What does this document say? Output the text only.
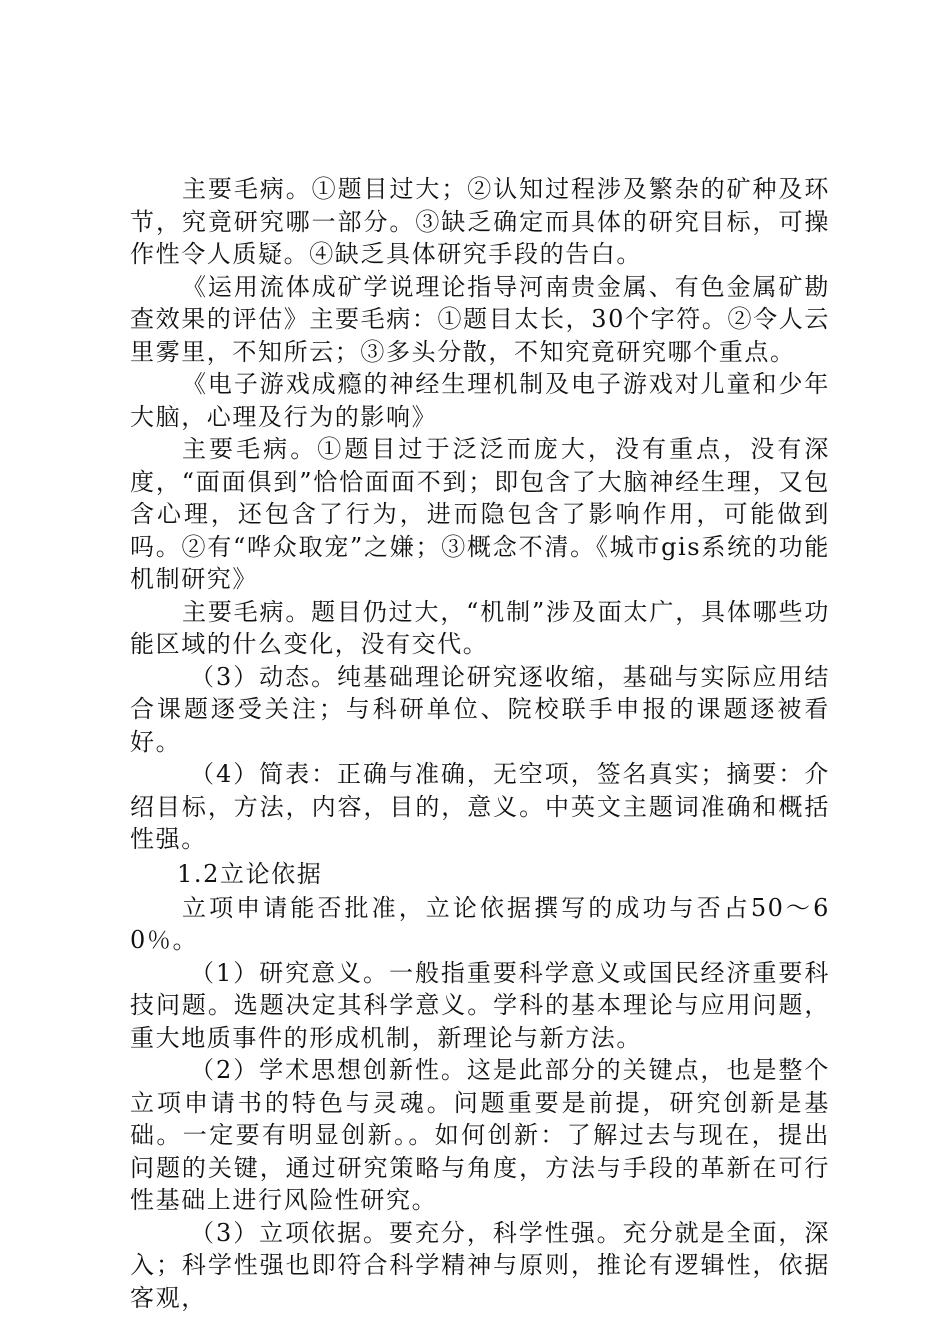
主要毛病。①题目过大；②认知过程涉及繁杂的矿种及环节，究竟研究哪一部分。③缺乏确定而具体的研究目标，可操作性令人质疑。④缺乏具体研究手段的告白。

《运用流体成矿学说理论指导河南贵金属、有色金属矿勘查效果的评估》主要毛病：①题目太长，30个字符。②令人云里雾里，不知所云；③多头分散，不知究竟研究哪个重点。

《电子游戏成瘾的神经生理机制及电子游戏对儿童和少年大脑，心理及行为的影响》

主要毛病。①题目过于泛泛而庞大，没有重点，没有深度，“面面俱到”恰恰面面不到；即包含了大脑神经生理，又包含心理，还包含了行为，进而隐包含了影响作用，可能做到吗。②有“哗众取宠”之嫌；③概念不清。《城市gis系统的功能机制研究》

主要毛病。题目仍过大，“机制”涉及面太广，具体哪些功能区域的什么变化，没有交代。

（3）动态。纯基础理论研究逐收缩，基础与实际应用结合课题逐受关注；与科研单位、院校联手申报的课题逐被看好。

（4）简表：正确与准确，无空项，签名真实；摘要：介绍目标，方法，内容，目的，意义。中英文主题词准确和概括性强。

1.2立论依据

立项申请能否批准，立论依据撰写的成功与否占50～60％。

（1）研究意义。一般指重要科学意义或国民经济重要科技问题。选题决定其科学意义。学科的基本理论与应用问题，重大地质事件的形成机制，新理论与新方法。

（2）学术思想创新性。这是此部分的关键点，也是整个立项申请书的特色与灵魂。问题重要是前提，研究创新是基础。一定要有明显创新。。如何创新：了解过去与现在，提出问题的关键，通过研究策略与角度，方法与手段的革新在可行性基础上进行风险性研究。

（3）立项依据。要充分，科学性强。充分就是全面，深入；科学性强也即符合科学精神与原则，推论有逻辑性，依据客观，
